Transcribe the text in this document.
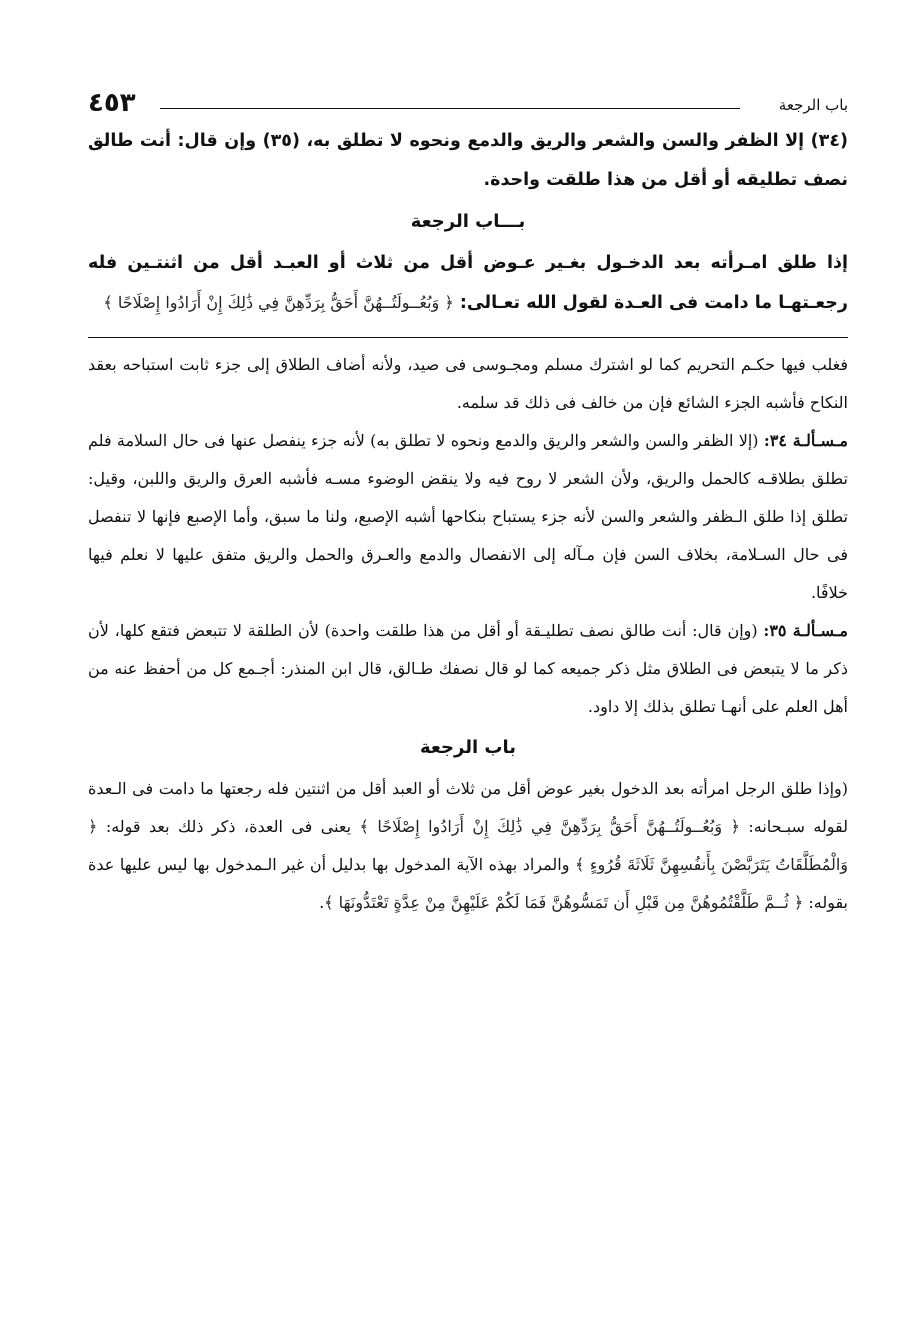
باب الرجعة
٤٥٣

(٣٤) إلا الظفر والسن والشعر والريق والدمع ونحوه لا تطلق به، (٣٥) وإن قال: أنت طالق نصف تطليقه أو أقل من هذا طلقت واحدة.

بـــاب الرجعة

إذا طلق امـرأته بعد الدخـول بغـير عـوض أقل من ثلاث أو العبـد أقل من اثنتـين فله رجعـتهـا ما دامت فى العـدة لقول الله تعـالى: ﴿ وَبُعُــولَتُــهُنَّ أَحَقُّ بِرَدِّهِنَّ فِي ذَٰلِكَ إِنْ أَرَادُوا إِصْلَاحًا ﴾

فغلب فيها حكـم التحريم كما لو اشترك مسلم ومجـوسى فى صيد، ولأنه أضاف الطلاق إلى جزء ثابت استباحه بعقد النكاح فأشبه الجزء الشائع فإن من خالف فى ذلك قد سلمه.

مـسـألـة ٣٤: (إلا الظفر والسن والشعر والريق والدمع ونحوه لا تطلق به) لأنه جزء ينفصل عنها فى حال السلامة فلم تطلق بطلاقـه كالحمل والريق، ولأن الشعر لا روح فيه ولا ينقض الوضوء مسـه فأشبه العرق والريق واللبن، وقيل: تطلق إذا طلق الـظفر والشعر والسن لأنه جزء يستباح بنكاحها أشبه الإصبع، ولنا ما سبق، وأما الإصبع فإنها لا تنفصل فى حال السـلامة، بخلاف السن فإن مـآله إلى الانفصال والدمع والعـرق والحمل والريق متفق عليها لا نعلم فيها خلافًا.

مـسـألـة ٣٥: (وإن قال: أنت طالق نصف تطليـقة أو أقل من هذا طلقت واحدة) لأن الطلقة لا تتبعض فتقع كلها، لأن ذكر ما لا يتبعض فى الطلاق مثل ذكر جميعه كما لو قال نصفك طـالق، قال ابن المنذر: أجـمع كل من أحفظ عنه من أهل العلم على أنهـا تطلق بذلك إلا داود.

باب الرجعة

(وإذا طلق الرجل امرأته بعد الدخول بغير عوض أقل من ثلاث أو العبد أقل من اثنتين فله رجعتها ما دامت فى الـعدة لقوله سبـحانه: ﴿ وَبُعُــولَتُــهُنَّ أَحَقُّ بِرَدِّهِنَّ فِي ذَٰلِكَ إِنْ أَرَادُوا إِصْلَاحًا ﴾ يعنى فى العدة، ذكر ذلك بعد قوله: ﴿ وَالْمُطَلَّقَاتُ يَتَرَبَّصْنَ بِأَنفُسِهِنَّ ثَلَاثَةَ قُرُوءٍ ﴾ والمراد بهذه الآية المدخول بها بدليل أن غير الـمدخول بها ليس عليها عدة بقوله: ﴿ ثُــمَّ طَلَّقْتُمُوهُنَّ مِن قَبْلِ أَن تَمَسُّوهُنَّ فَمَا لَكُمْ عَلَيْهِنَّ مِنْ عِدَّةٍ تَعْتَدُّونَهَا ﴾.
